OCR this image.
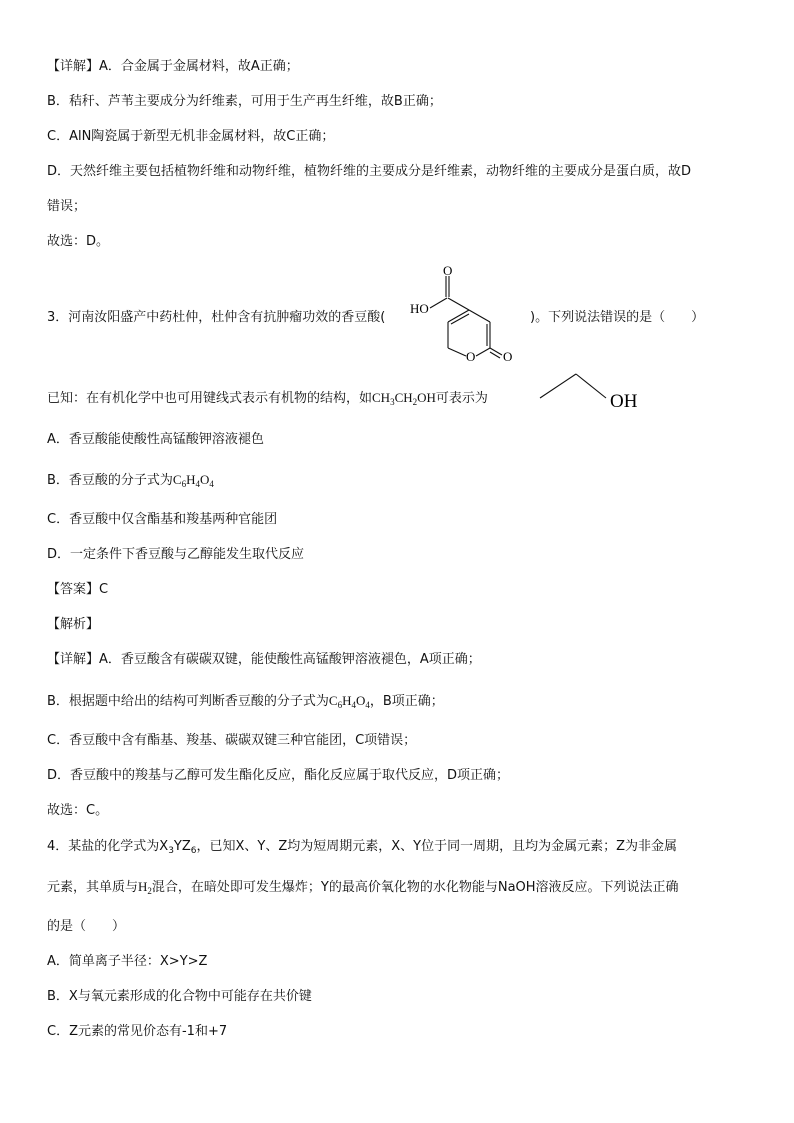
【详解】A．合金属于金属材料，故A正确；
B．秸秆、芦苇主要成分为纤维素，可用于生产再生纤维，故B正确；
C．AlN陶瓷属于新型无机非金属材料，故C正确；
D．天然纤维主要包括植物纤维和动物纤维，植物纤维的主要成分是纤维素，动物纤维的主要成分是蛋白质，故D
错误；
故选：D。
3．河南汝阳盛产中药杜仲，杜仲含有抗肿瘤功效的香豆酸(	)。下列说法错误的是（　　）
O
HO
O O
已知：在有机化学中也可用键线式表示有机物的结构，如$CH_3CH_2OH$可表示为	OH
A．香豆酸能使酸性高锰酸钾溶液褪色
B．香豆酸的分子式为$C_6H_4O_4$
C．香豆酸中仅含酯基和羧基两种官能团
D．一定条件下香豆酸与乙醇能发生取代反应
【答案】C
【解析】
【详解】A．香豆酸含有碳碳双键，能使酸性高锰酸钾溶液褪色，A项正确；
B．根据题中给出的结构可判断香豆酸的分子式为$C_6H_4O_4$，B项正确；
C．香豆酸中含有酯基、羧基、碳碳双键三种官能团，C项错误；
D．香豆酸中的羧基与乙醇可发生酯化反应，酯化反应属于取代反应，D项正确；
故选：C。
4．某盐的化学式为$X_3YZ_6$，已知X、Y、Z均为短周期元素，X、Y位于同一周期，且均为金属元素；Z为非金属
元素，其单质与$H_2$混合，在暗处即可发生爆炸；Y的最高价氧化物的水化物能与NaOH溶液反应。下列说法正确
的是（　　）
A．简单离子半径：X>Y>Z
B．X与氧元素形成的化合物中可能存在共价键
C．Z元素的常见价态有-1和+7
